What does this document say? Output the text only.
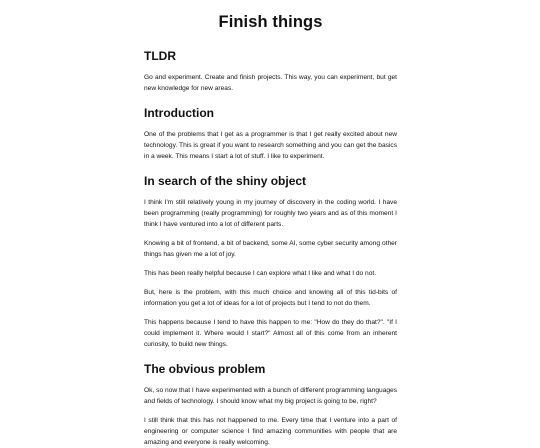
Finish things
TLDR

Go and experiment. Create and finish projects. This way, you can experiment, but get new knowledge for new areas.

Introduction

One of the problems that I get as a programmer is that I get really excited about new technology. This is great if you want to research something and you can get the basics in a week. This means I start a lot of stuff. I like to experiment.

In search of the shiny object

I think I'm still relatively young in my journey of discovery in the coding world. I have been programming (really programming) for roughly two years and as of this moment I think I have ventured into a lot of different parts.

Knowing a bit of frontend, a bit of backend, some AI, some cyber security among other things has given me a lot of joy.

This has been really helpful because I can explore what I like and what I do not.

But, here is the problem, with this much choice and knowing all of this tid-bits of information you get a lot of ideas for a lot of projects but I tend to not do them.

This happens because I tend to have this happen to me: "How do they do that?". "If I could implement it. Where would I start?" Almost all of this come from an inherent curiosity, to build new things.

The obvious problem

Ok, so now that I have experimented with a bunch of different programming languages and fields of technology. I should know what my big project is going to be, right?

I still think that this has not happened to me. Every time that I venture into a part of engineering or computer science I find amazing communities with people that are amazing and everyone is really welcoming.
